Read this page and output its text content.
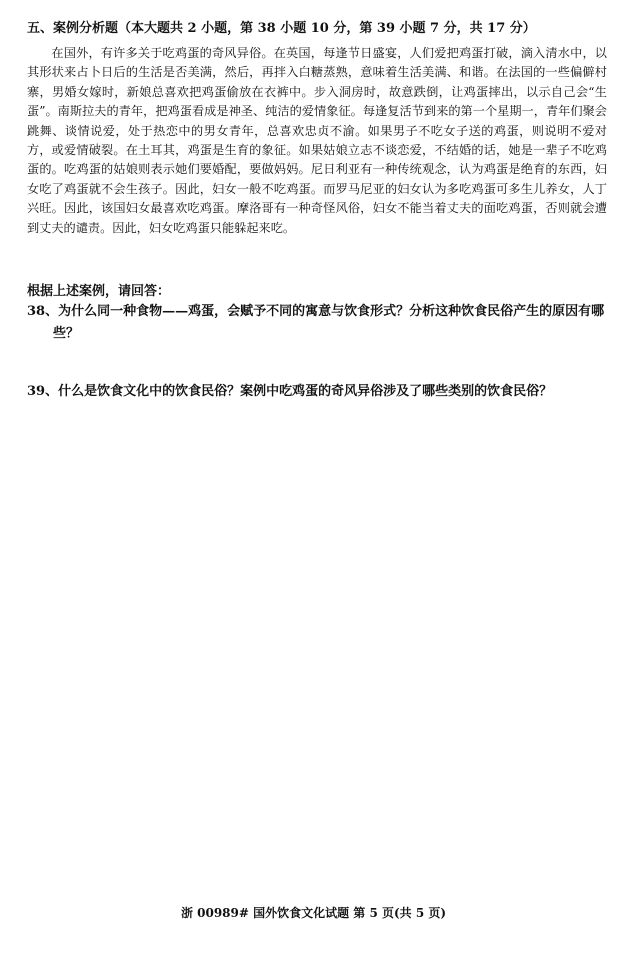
五、案例分析题（本大题共 2 小题，第 38 小题 10 分，第 39 小题 7 分，共 17 分）

在国外，有许多关于吃鸡蛋的奇风异俗。在英国，每逢节日盛宴，人们爱把鸡蛋打破，滴入清水中，以其形状来占卜日后的生活是否美满，然后，再拌入白糖蒸熟，意味着生活美满、和谐。在法国的一些偏僻村寨，男婚女嫁时，新娘总喜欢把鸡蛋偷放在衣裤中。步入洞房时，故意跌倒，让鸡蛋摔出，以示自己会“生蛋”。南斯拉夫的青年，把鸡蛋看成是神圣、纯洁的爱情象征。每逢复活节到来的第一个星期一，青年们聚会跳舞、谈情说爱，处于热恋中的男女青年，总喜欢忠贞不渝。如果男子不吃女子送的鸡蛋，则说明不爱对方，或爱情破裂。在土耳其，鸡蛋是生育的象征。如果姑娘立志不谈恋爱，不结婚的话，她是一辈子不吃鸡蛋的。吃鸡蛋的姑娘则表示她们要婚配，要做妈妈。尼日利亚有一种传统观念，认为鸡蛋是绝育的东西，妇女吃了鸡蛋就不会生孩子。因此，妇女一般不吃鸡蛋。而罗马尼亚的妇女认为多吃鸡蛋可多生儿养女，人丁兴旺。因此，该国妇女最喜欢吃鸡蛋。摩洛哥有一种奇怪风俗，妇女不能当着丈夫的面吃鸡蛋，否则就会遭到丈夫的谴责。因此，妇女吃鸡蛋只能躲起来吃。

根据上述案例，请回答：
38、为什么同一种食物——鸡蛋，会赋予不同的寓意与饮食形式？分析这种饮食民俗产生的原因有哪些？
39、什么是饮食文化中的饮食民俗？案例中吃鸡蛋的奇风异俗涉及了哪些类别的饮食民俗？
浙 00989# 国外饮食文化试题 第 5 页(共 5 页)
